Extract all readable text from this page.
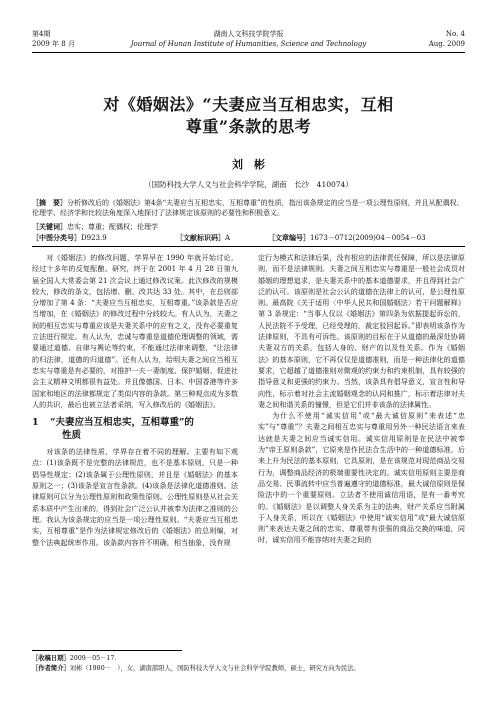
第4期	湖南人文科技学院学报	No. 4
2009 年 8 月	Journal of Hunan Institute of Humanities, Science and Technology	Aug. 2009
对《婚姻法》“夫妻应当互相忠实，互相
尊重”条款的思考
刘　彬
（国防科技大学人文与社会科学学院，湖南　长沙　410074）
［摘　要］分析修改后的《婚姻法》第4条“夫妻应当互相忠实，互相尊重”的性质，指出该条规定的应当是一项公理性原则，并且从配偶权、伦理学、经济学和比较法角度深入地探讨了法律规定该原则的必要性和积极意义。
［关键词］忠实；尊重；配偶权；伦理学
［中图分类号］D923.9	［文献标识码］A	［文章编号］1673－0712(2009)04－0054－03

对《婚姻法》的修改问题，学界早在 1990 年就开始讨论，经过十多年的反复酝酿、研究，终于在 2001 年 4 月 28 日第九届全国人大常委会第 21 次会议上通过修改议案。此次修改的规模较大，修改的条文，包括增、删、改共达 33 处。其中，在总则部分增加了第 4 条：“夫妻应当互相忠实，互相尊重。”该条款是否应当增加，在《婚姻法》的修改过程中分歧较大。有人认为，夫妻之间的相互忠实与尊重应该是夫妻关系中的应有之义，没有必要重复立法进行规定。有人认为，忠诚与尊重是道德伦理调整的领域，需要通过道德、自律与舆论等约束，不能通过法律来调整，“让法律的归法律，道德的归道德”。还有人认为，给明夫妻之间应当相互忠实与尊重是有必要的，对推护一夫一妻制度、保护婚姻、促进社会主义精神文明都很有益处。并且像德国、日本、中国香港等许多国家和地区的法律都规定了类似内容的条款。第三种观点成为多数人的共识，最后也被立法者采纳，写入修改后的《婚姻法》。

1 “夫妻应当互相忠实，互相尊重”的
性质

对该条的法律性质，学界存在着不同的理解。主要有如下观点：(1)该条既不是完整的法律规范，也不是基本原则，只是一种倡导性规定；(2)该条属于公理性原则，并且是《婚姻法》的基本原则之一；(3)该条是宣言性条款。(4)该条是法律化道德准则。法律原则可以分为公理性原则和政策性原则。公理性原则是从社会关系本质中产生出来的，得到社会广泛公认并被奉为法律之准则的公理。我认为该条规定的应当是一项公理性原则。“夫妻应当互相忠实，互相尊重”是作为法律规定修改后的《婚姻法》的总则编，对整个法典起统率作用。该条款内容并不明确，相当抽象，没有规

定行为模式和法律后果，没有相应的法律责任保障，所以是法律原则，而不是法律规则。夫妻之间互相忠实与尊重是一般社会成员对婚姻的理想追求，是夫妻关系中的基本道德要求，并且得到社会广泛的认可。该原则是社会公认的道德在法律上的认可，是公理性原则。最高院《关于适用〈中华人民共和国婚姻法〉若干问题解释》第 3 条规定：“当事人仅以《婚姻法》第四条为依据提起诉讼的，人民法院不予受理，已经受理的，裁定驳回起诉。”即表明该条作为法律原则，不具有可诉性。该原则的目标在于从道德的最深处协调夫妻双方的关系，包括人身的、财产的以及性关系。作为《婚姻法》的基本原则，它不再仅仅是道德准则，而是一种法律化的道德要求，它超越了道德准则对微观的约束力和约束机制，具有较强的指导意义和更强的约束力。当然，该条具有倡导意义，宣言性和导向性，标示着对社会主流婚姻观念的认同和推广，标示着法律对夫妻之间和谐关系的憧憬，但是它们并非该条的法律属性。

为什么不使用“诚实信用”或“最大诚信原则”来表述“忠实”与“尊重”？夫妻之间相互忠实与尊重用另外一种民法语言来表达就是夫妻之间应当诚实信用。诚实信用原则是在民法中被奉为“帝王原则条款”，它原来是作民法合生活中的一种道德标准，后来上升为民法的基本原则，它具原则，是在该规范对现范商品交易行为，调整商品经济的极端重要性决定的。诚实信用原则主要是商品交易、民事流转中应当普遍遵守的道德标准，最大诚信原则是保险法中的一个重要原则。立法者不使用诚信用语，是有一番考究的。《婚姻法》是以调整人身关系为主的法典，财产关系应当附属于人身关系，所以在《婚姻法》中使用“诚实信用”或“最大诚信原则”来表达夫妻之间的忠实、尊重带有很强的商品交换的味道，同时，诚实信用不能容纳对夫妻之间的

［收稿日期］2009－05－17.
［作者简介］刘彬（1980－　），女，湖南邵阳人，国防科技大学人文与社会科学学院教师，硕士，研究方向为民法。
